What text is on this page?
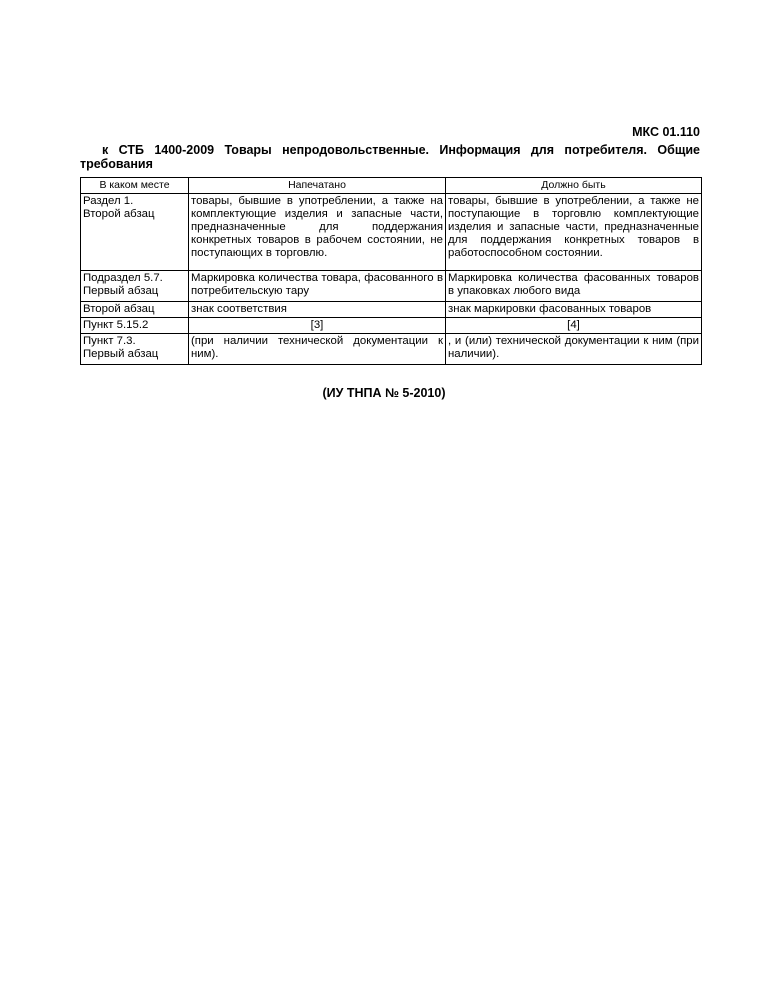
МКС 01.110
к СТБ 1400-2009 Товары непродовольственные. Информация для потребителя. Общие требования
В каком месте	Напечатано	Должно быть
Раздел 1.
Второй абзац	товары, бывшие в употреблении, а также на комплектующие изделия и запасные части, предназначенные для поддержания конкретных товаров в рабочем состоянии, не поступающих в торговлю.	товары, бывшие в употреблении, а также не поступающие в торговлю комплектующие изделия и запасные части, предназначенные для поддержания конкретных товаров в работоспособном состоянии.
Подраздел 5.7.
Первый абзац	Маркировка количества товара, фасованного в потребительскую тару	Маркировка количества фасованных товаров в упаковках любого вида
Второй абзац	знак соответствия	знак маркировки фасованных товаров
Пункт 5.15.2	[3]	[4]
Пункт 7.3.
Первый абзац	(при наличии технической документации к ним).	, и (или) технической документации к ним (при наличии).
(ИУ ТНПА № 5-2010)
